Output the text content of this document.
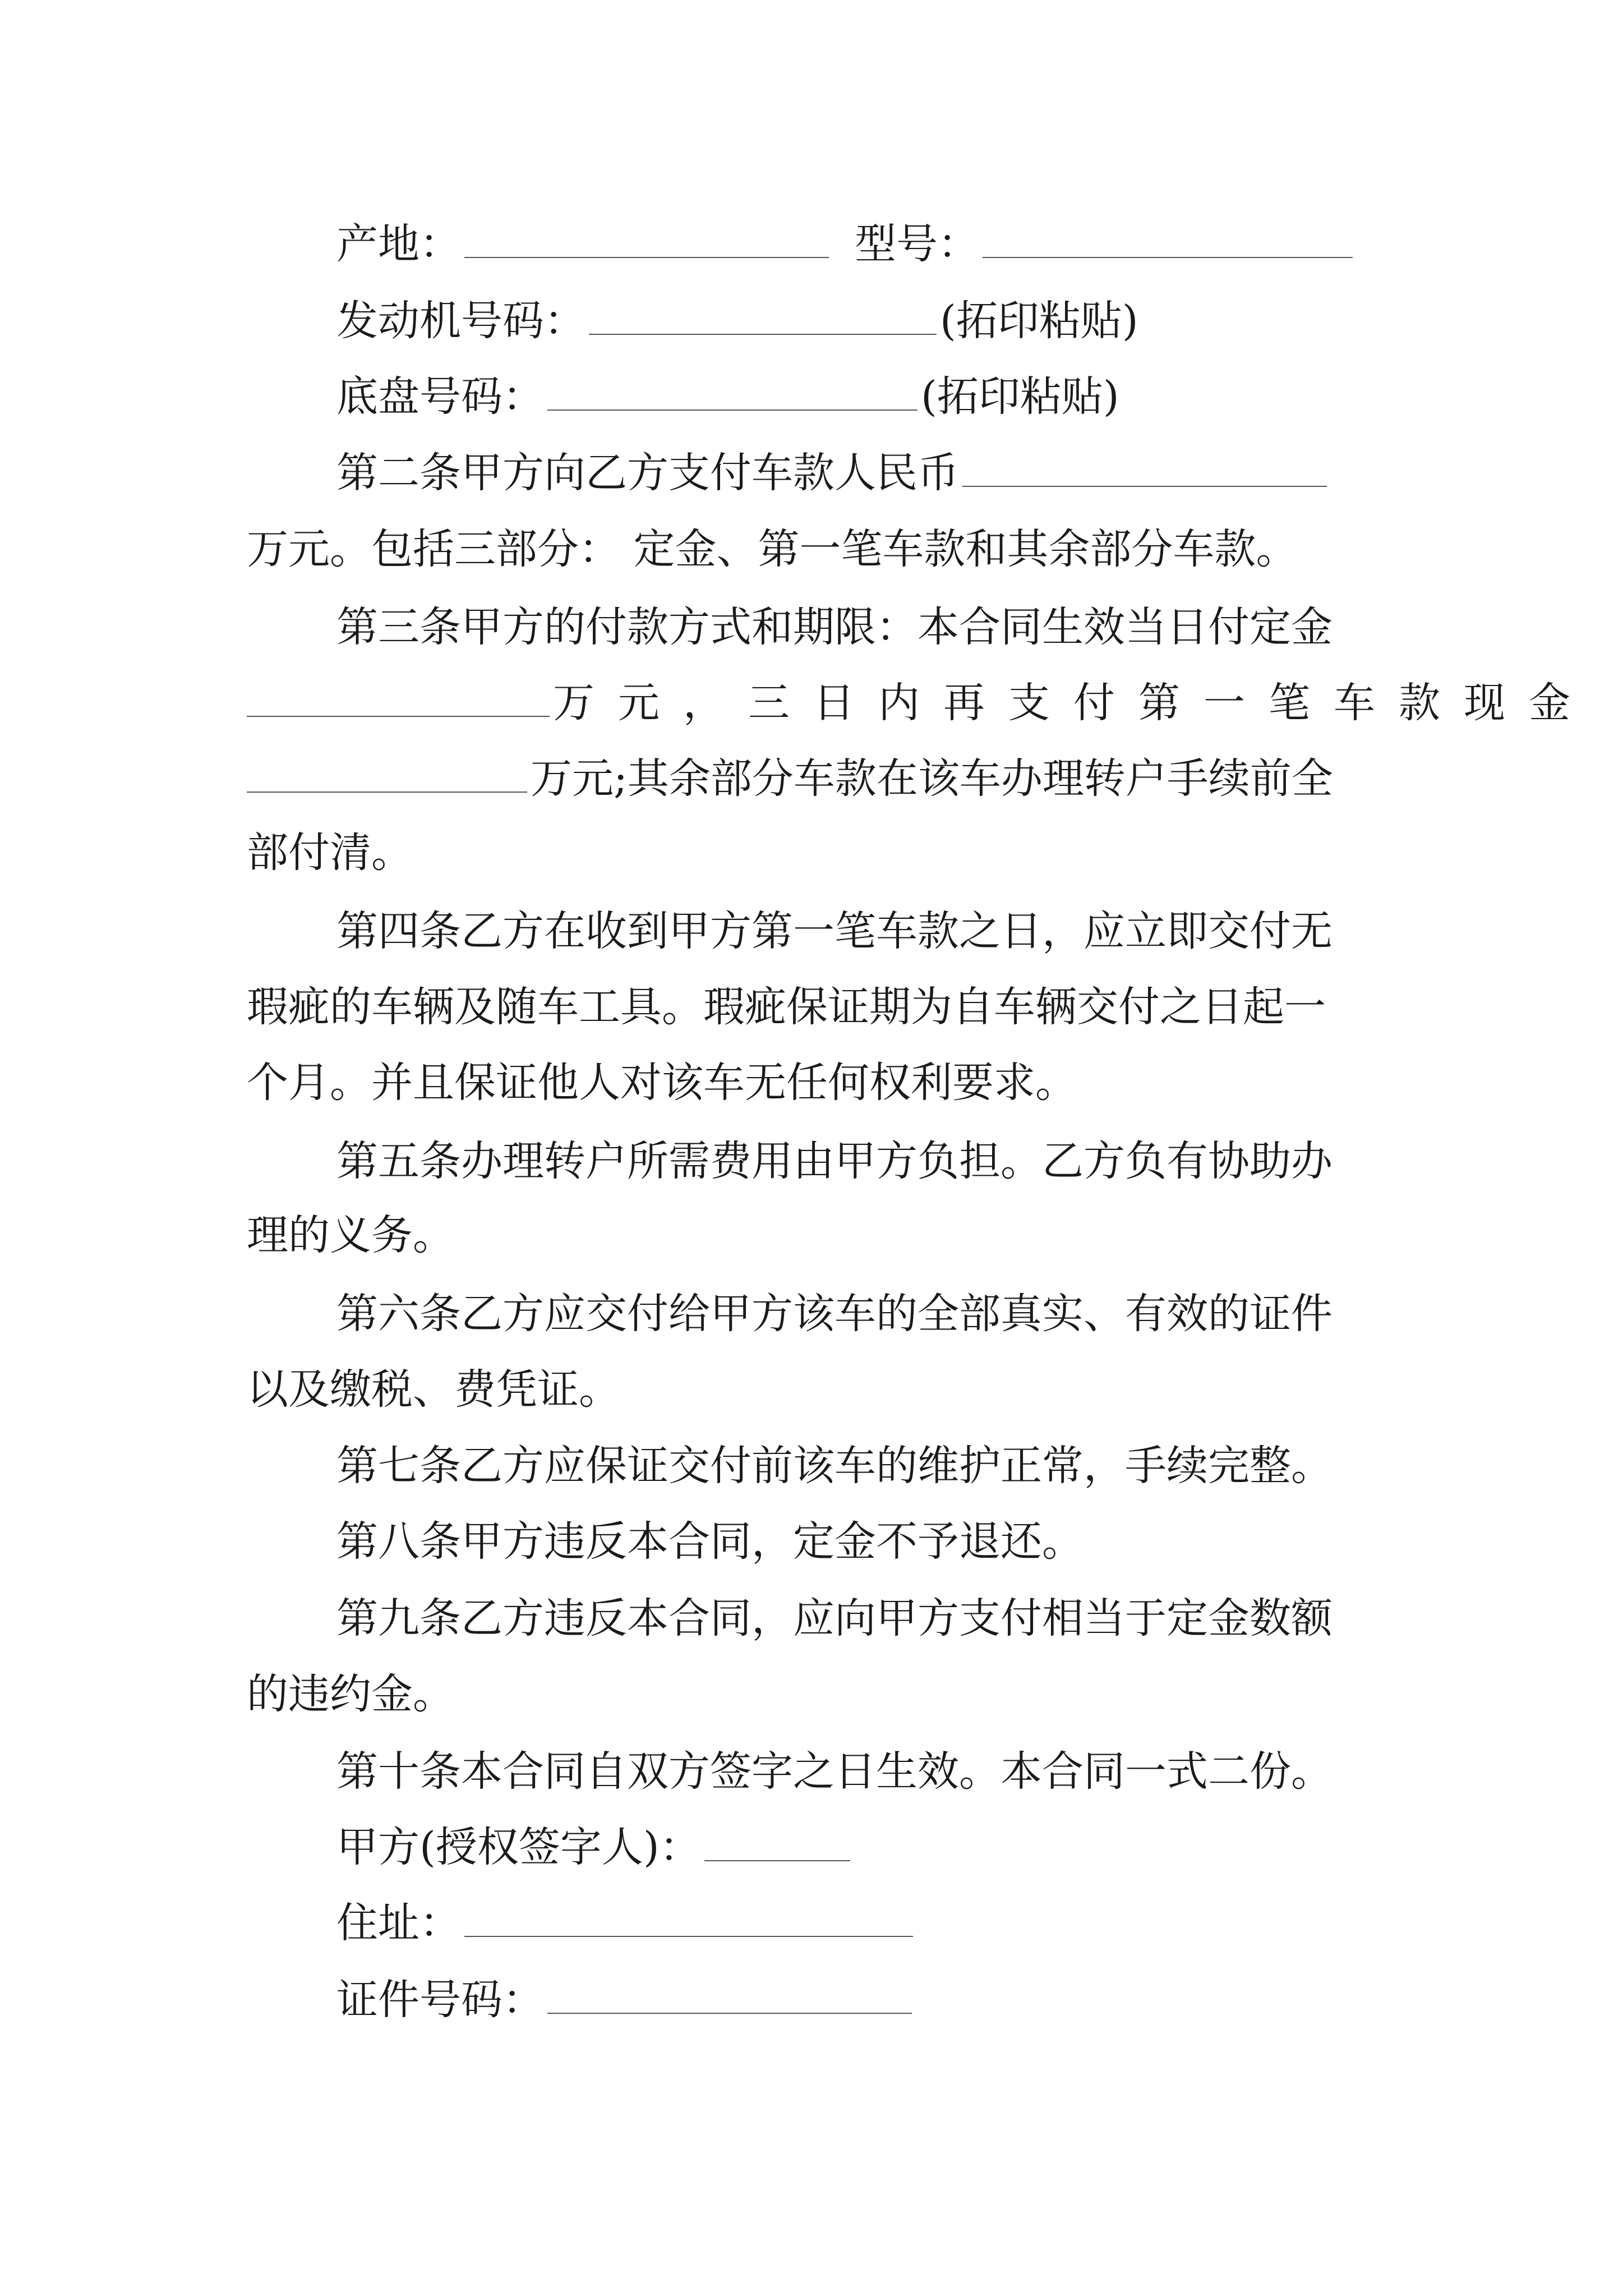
产地：	型号：
发动机号码：	(拓印粘贴)
底盘号码：	(拓印粘贴)
第二条甲方向乙方支付车款人民币
万元。包括三部分： 定金、第一笔车款和其余部分车款。
第三条甲方的付款方式和期限：本合同生效当日付定金
万元，三日内再支付第一笔车款现金
万元;其余部分车款在该车办理转户手续前全
部付清。
第四条乙方在收到甲方第一笔车款之日，应立即交付无
瑕疵的车辆及随车工具。瑕疵保证期为自车辆交付之日起一
个月。并且保证他人对该车无任何权利要求。
第五条办理转户所需费用由甲方负担。乙方负有协助办
理的义务。
第六条乙方应交付给甲方该车的全部真实、有效的证件
以及缴税、费凭证。
第七条乙方应保证交付前该车的维护正常，手续完整。
第八条甲方违反本合同，定金不予退还。
第九条乙方违反本合同，应向甲方支付相当于定金数额
的违约金。
第十条本合同自双方签字之日生效。本合同一式二份。
甲方(授权签字人)：
住址：
证件号码：
